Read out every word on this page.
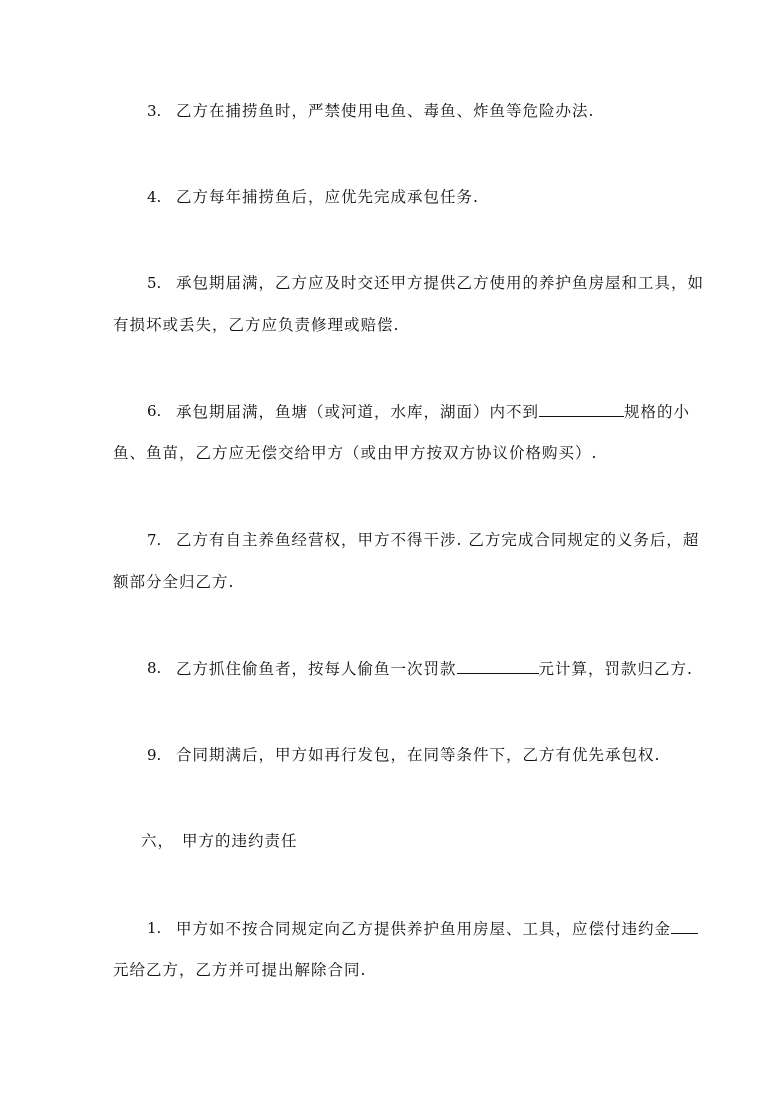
3. 乙方在捕捞鱼时，严禁使用电鱼、毒鱼、炸鱼等危险办法.
4. 乙方每年捕捞鱼后，应优先完成承包任务.
5. 承包期届满，乙方应及时交还甲方提供乙方使用的养护鱼房屋和工具，如
有损坏或丢失，乙方应负责修理或赔偿.
6. 承包期届满，鱼塘（或河道，水库，湖面）内不到	规格的小
鱼、鱼苗，乙方应无偿交给甲方（或由甲方按双方协议价格购买）.
7. 乙方有自主养鱼经营权，甲方不得干涉. 乙方完成合同规定的义务后，超
额部分全归乙方.
8. 乙方抓住偷鱼者，按每人偷鱼一次罚款	元计算，罚款归乙方.
9. 合同期满后，甲方如再行发包，在同等条件下，乙方有优先承包权.
六， 甲方的违约责任
1. 甲方如不按合同规定向乙方提供养护鱼用房屋、工具，应偿付违约金
元给乙方，乙方并可提出解除合同.
